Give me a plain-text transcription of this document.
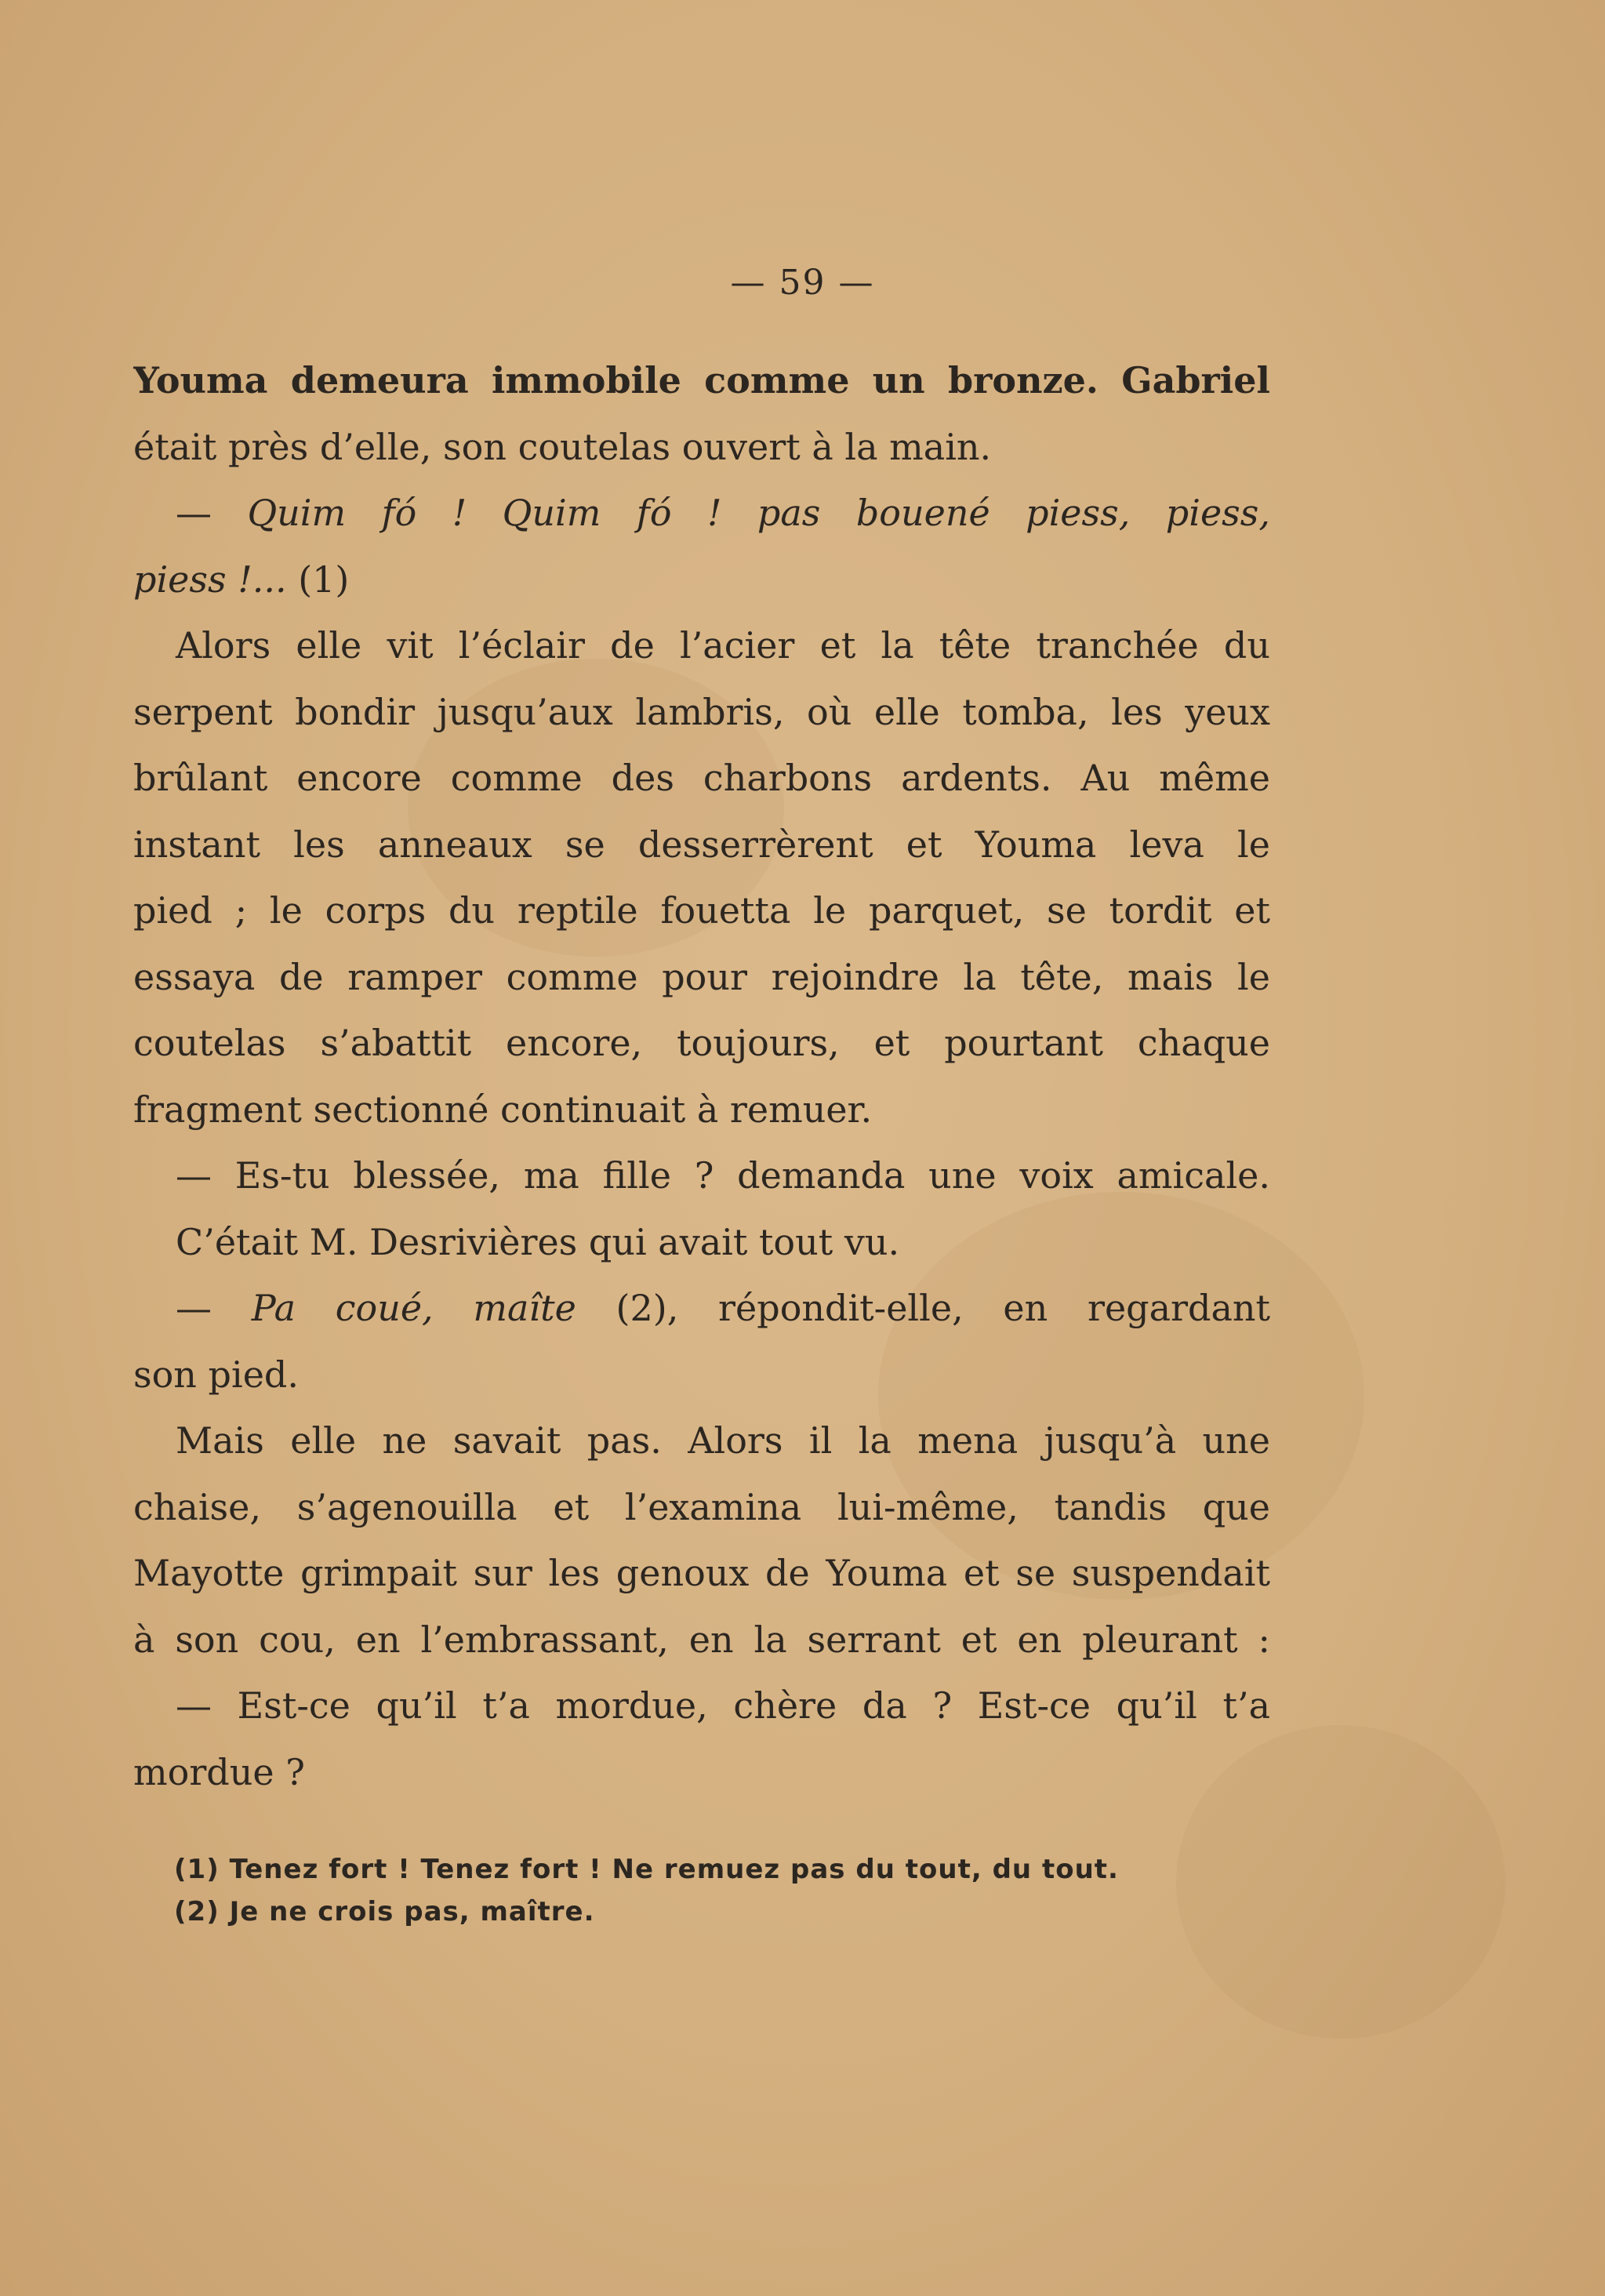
— 59 —
Youma demeura immobile comme un bronze. Gabriel
était près d’elle, son coutelas ouvert à la main.
— Quim fó ! Quim fó ! pas bouené piess, piess,
piess !... (1)
Alors elle vit l’éclair de l’acier et la tête tranchée du
serpent bondir jusqu’aux lambris, où elle tomba, les yeux
brûlant encore comme des charbons ardents. Au même
instant les anneaux se desserrèrent et Youma leva le
pied ; le corps du reptile fouetta le parquet, se tordit et
essaya de ramper comme pour rejoindre la tête, mais le
coutelas s’abattit encore, toujours, et pourtant chaque
fragment sectionné continuait à remuer.
— Es-tu blessée, ma fille ? demanda une voix amicale.
C’était M. Desrivières qui avait tout vu.
— Pa coué, maîte (2), répondit-elle, en regardant
son pied.
Mais elle ne savait pas. Alors il la mena jusqu’à une
chaise, s’agenouilla et l’examina lui-même, tandis que
Mayotte grimpait sur les genoux de Youma et se suspendait
à son cou, en l’embrassant, en la serrant et en pleurant :
— Est-ce qu’il t’a mordue, chère da ? Est-ce qu’il t’a
mordue ?
(1) Tenez fort ! Tenez fort ! Ne remuez pas du tout, du tout.
(2) Je ne crois pas, maître.
